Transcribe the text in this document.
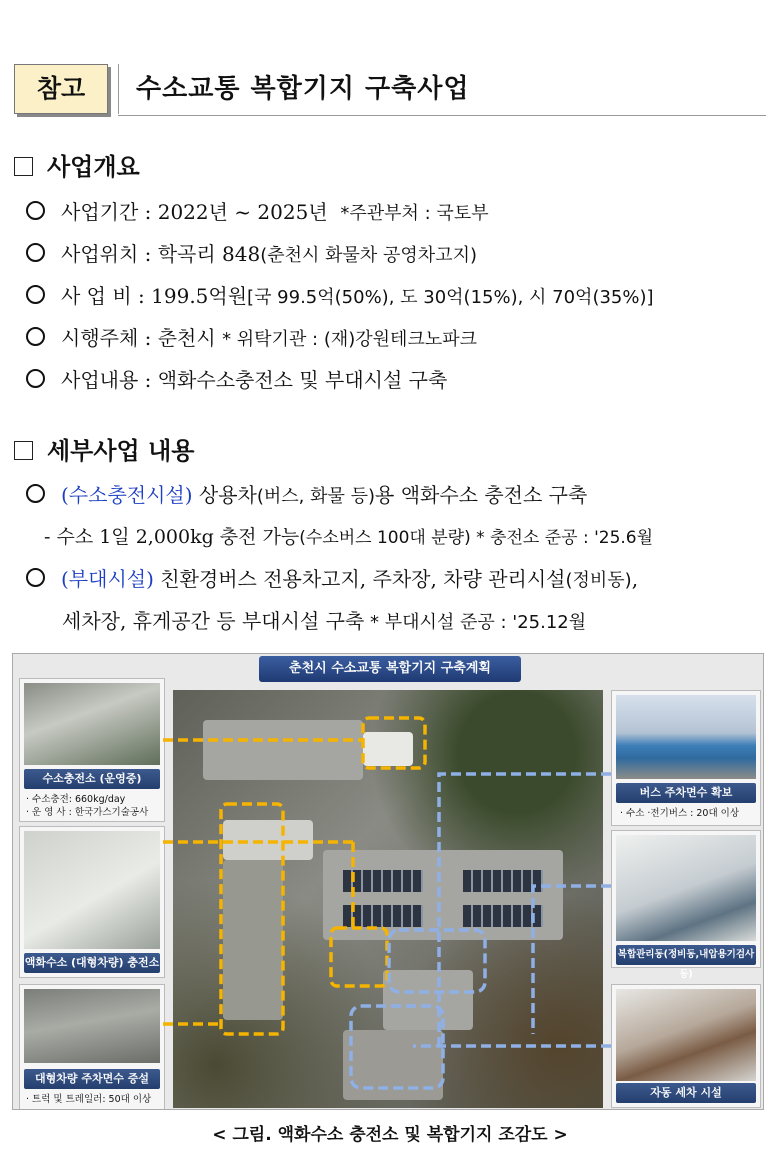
참고	수소교통 복합기지 구축사업
사업개요
사업기간 : 2022년 ~ 2025년 *주관부처 : 국토부
사업위치 : 학곡리 848(춘천시 화물차 공영차고지)
사 업 비 : 199.5억원[국 99.5억(50%), 도 30억(15%), 시 70억(35%)]
시행주체 : 춘천시 * 위탁기관 : (재)강원테크노파크
사업내용 : 액화수소충전소 및 부대시설 구축
세부사업 내용
(수소충전시설) 상용차(버스, 화물 등)용 액화수소 충전소 구축
- 수소 1일 2,000kg 충전 가능(수소버스 100대 분량) * 충전소 준공 : '25.6월
(부대시설) 친환경버스 전용차고지, 주차장, 차량 관리시설(정비동),
세차장, 휴게공간 등 부대시설 구축 * 부대시설 준공 : '25.12월
춘천시 수소교통 복합기지 구축계획
수소충전소 (운영중)
· 수소충전: 660kg/day
· 운 영 사 : 한국가스기술공사
액화수소 (대형차량) 충전소
대형차량 주차면수 증설
· 트럭 및 트레일러: 50대 이상
버스 주차면수 확보
· 수소 ·전기버스 : 20대 이상
복합관리동(정비동,내압용기검사동)
자동 세차 시설
< 그림. 액화수소 충전소 및 복합기지 조감도 >
